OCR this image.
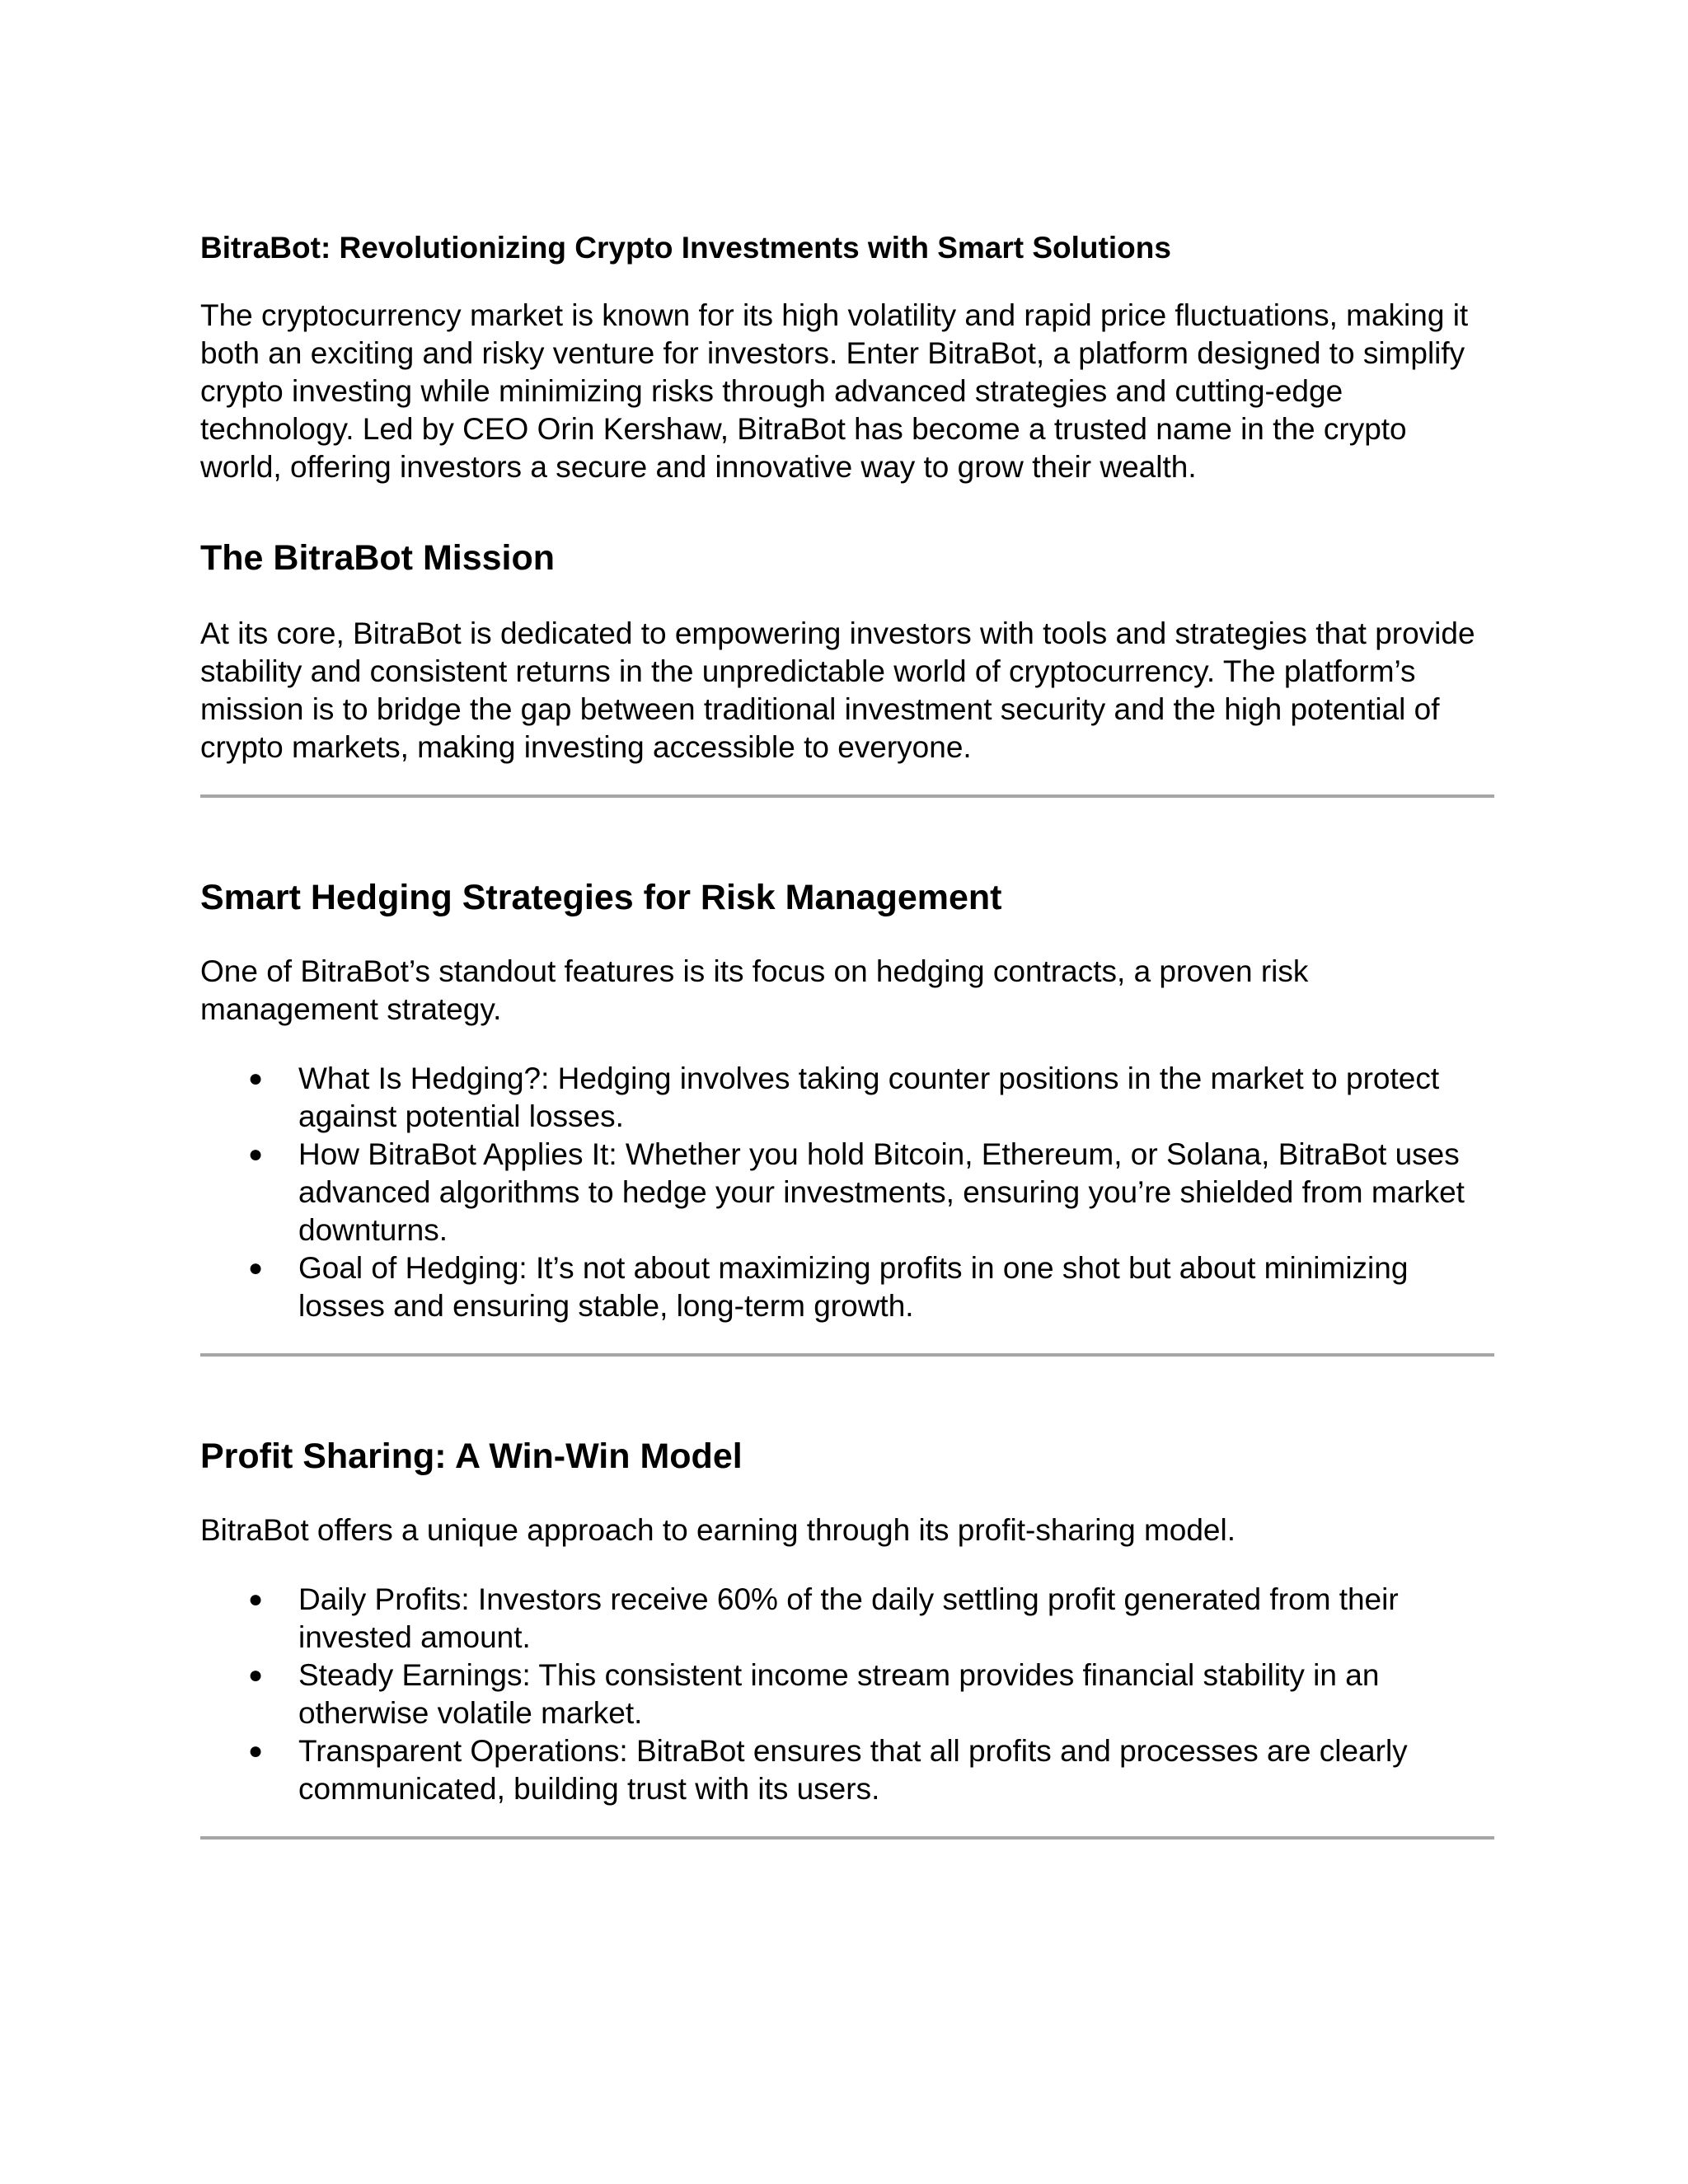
BitraBot: Revolutionizing Crypto Investments with Smart Solutions

The cryptocurrency market is known for its high volatility and rapid price fluctuations, making it both an exciting and risky venture for investors. Enter BitraBot, a platform designed to simplify crypto investing while minimizing risks through advanced strategies and cutting-edge technology. Led by CEO Orin Kershaw, BitraBot has become a trusted name in the crypto world, offering investors a secure and innovative way to grow their wealth.

The BitraBot Mission

At its core, BitraBot is dedicated to empowering investors with tools and strategies that provide stability and consistent returns in the unpredictable world of cryptocurrency. The platform’s mission is to bridge the gap between traditional investment security and the high potential of crypto markets, making investing accessible to everyone.

Smart Hedging Strategies for Risk Management

One of BitraBot’s standout features is its focus on hedging contracts, a proven risk management strategy.

● What Is Hedging?: Hedging involves taking counter positions in the market to protect against potential losses.
● How BitraBot Applies It: Whether you hold Bitcoin, Ethereum, or Solana, BitraBot uses advanced algorithms to hedge your investments, ensuring you’re shielded from market downturns.
● Goal of Hedging: It’s not about maximizing profits in one shot but about minimizing losses and ensuring stable, long-term growth.
Profit Sharing: A Win-Win Model

BitraBot offers a unique approach to earning through its profit-sharing model.

● Daily Profits: Investors receive 60% of the daily settling profit generated from their invested amount.
● Steady Earnings: This consistent income stream provides financial stability in an otherwise volatile market.
● Transparent Operations: BitraBot ensures that all profits and processes are clearly communicated, building trust with its users.
